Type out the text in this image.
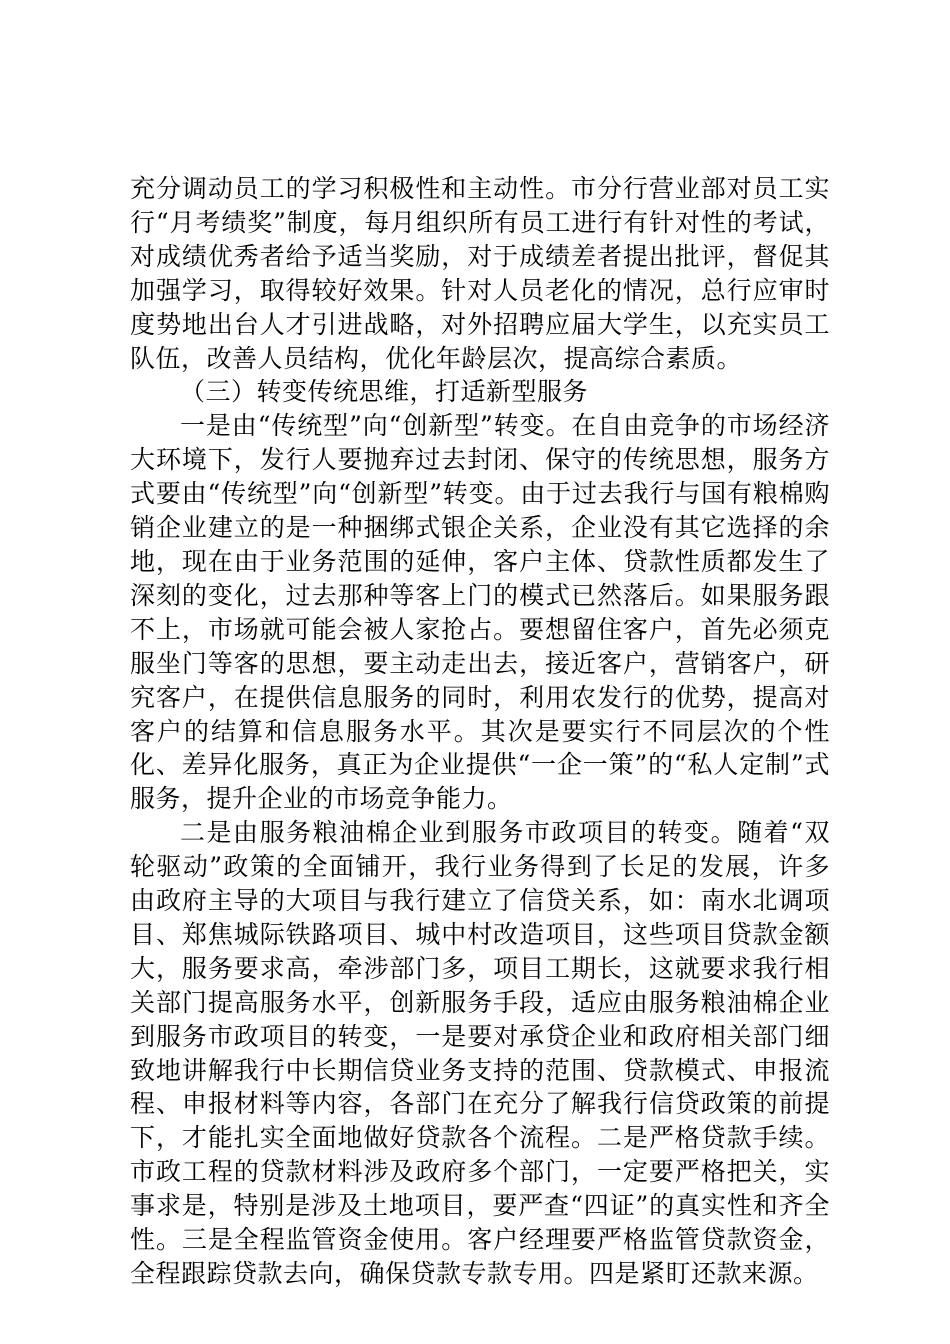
充分调动员工的学习积极性和主动性。市分行营业部对员工实行“月考绩奖”制度，每月组织所有员工进行有针对性的考试，对成绩优秀者给予适当奖励，对于成绩差者提出批评，督促其加强学习，取得较好效果。针对人员老化的情况，总行应审时度势地出台人才引进战略，对外招聘应届大学生，以充实员工队伍，改善人员结构，优化年龄层次，提高综合素质。

（三）转变传统思维，打适新型服务

一是由“传统型”向“创新型”转变。在自由竞争的市场经济大环境下，发行人要抛弃过去封闭、保守的传统思想，服务方式要由“传统型”向“创新型”转变。由于过去我行与国有粮棉购销企业建立的是一种捆绑式银企关系，企业没有其它选择的余地，现在由于业务范围的延伸，客户主体、贷款性质都发生了深刻的变化，过去那种等客上门的模式已然落后。如果服务跟不上，市场就可能会被人家抢占。要想留住客户，首先必须克服坐门等客的思想，要主动走出去，接近客户，营销客户，研究客户，在提供信息服务的同时，利用农发行的优势，提高对客户的结算和信息服务水平。其次是要实行不同层次的个性化、差异化服务，真正为企业提供“一企一策”的“私人定制”式服务，提升企业的市场竞争能力。

二是由服务粮油棉企业到服务市政项目的转变。随着“双轮驱动”政策的全面铺开，我行业务得到了长足的发展，许多由政府主导的大项目与我行建立了信贷关系，如：南水北调项目、郑焦城际铁路项目、城中村改造项目，这些项目贷款金额大，服务要求高，牵涉部门多，项目工期长，这就要求我行相关部门提高服务水平，创新服务手段，适应由服务粮油棉企业到服务市政项目的转变，一是要对承贷企业和政府相关部门细致地讲解我行中长期信贷业务支持的范围、贷款模式、申报流程、申报材料等内容，各部门在充分了解我行信贷政策的前提下，才能扎实全面地做好贷款各个流程。二是严格贷款手续。市政工程的贷款材料涉及政府多个部门，一定要严格把关，实事求是，特别是涉及土地项目，要严查“四证”的真实性和齐全性。三是全程监管资金使用。客户经理要严格监管贷款资金，全程跟踪贷款去向，确保贷款专款专用。四是紧盯还款来源。
